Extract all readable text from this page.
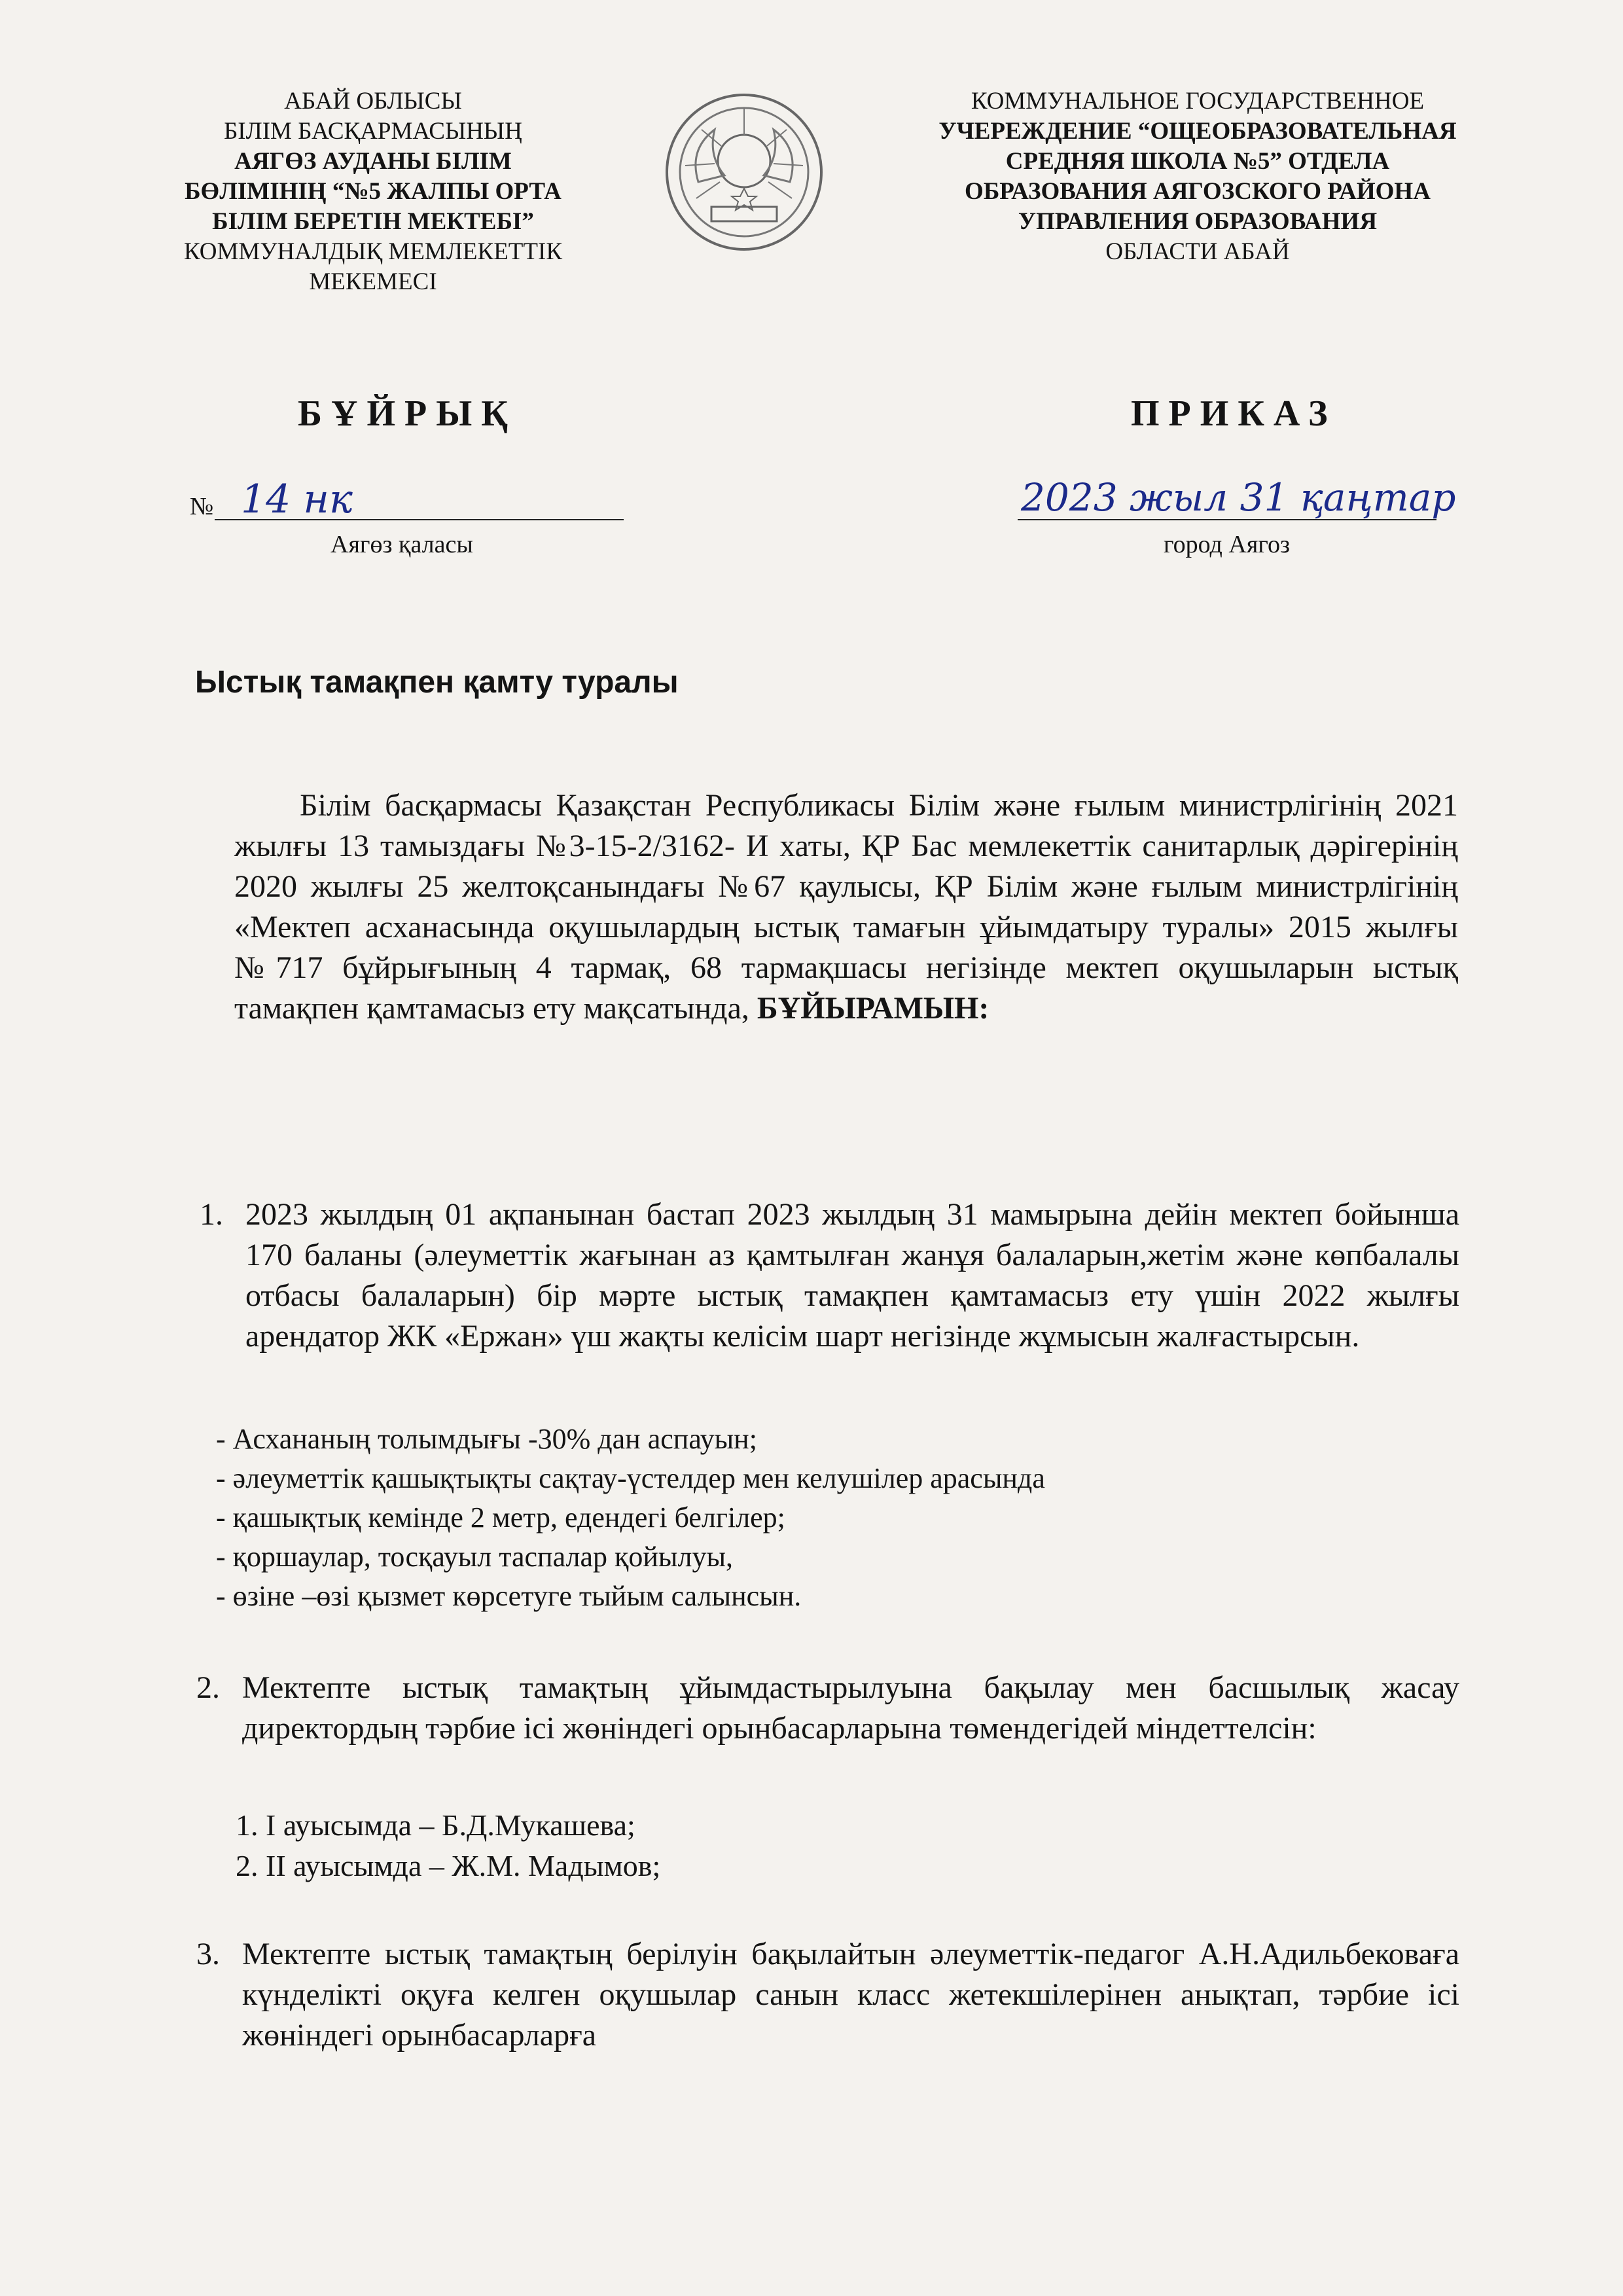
АБАЙ ОБЛЫСЫ
БІЛІМ БАСҚАРМАСЫНЫҢ
АЯГӨЗ АУДАНЫ БІЛІМ
БӨЛІМІНІҢ “№5 ЖАЛПЫ ОРТА
БІЛІМ БЕРЕТІН МЕКТЕБІ”
КОММУНАЛДЫҚ МЕМЛЕКЕТТІК
МЕКЕМЕСІ
КОММУНАЛЬНОЕ ГОСУДАРСТВЕННОЕ
УЧЕРЕЖДЕНИЕ “ОЩЕОБРАЗОВАТЕЛЬНАЯ
СРЕДНЯЯ ШКОЛА №5” ОТДЕЛА
ОБРАЗОВАНИЯ АЯГОЗСКОГО РАЙОНА
УПРАВЛЕНИЯ ОБРАЗОВАНИЯ
ОБЛАСТИ АБАЙ
БҰЙРЫҚ	ПРИКАЗ
№ 14 нк	2023 жыл 31 қаңтар
Аягөз қаласы	город Аягоз
Ыстық тамақпен қамту туралы
Білім басқармасы Қазақстан Республикасы Білім және ғылым министрлігінің 2021 жылғы 13 тамыздағы №3-15-2/3162- И хаты, ҚР Бас мемлекеттік санитарлық дәрігерінің 2020 жылғы 25 желтоқсанындағы №67 қаулысы, ҚР Білім және ғылым министрлігінің «Мектеп асханасында оқушылардың ыстық тамағын ұйымдатыру туралы» 2015 жылғы №717 бұйрығының 4 тармақ, 68 тармақшасы негізінде мектеп оқушыларын ыстық тамақпен қамтамасыз ету мақсатында, БҰЙЫРАМЫН:
1. 2023 жылдың 01 ақпанынан бастап 2023 жылдың 31 мамырына дейін мектеп бойынша 170 баланы (әлеуметтік жағынан аз қамтылған жанұя балаларын,жетім және көпбалалы отбасы балаларын) бір мәрте ыстық тамақпен қамтамасыз ету үшін 2022 жылғы арендатор ЖК «Ержан» үш жақты келісім шарт негізінде жұмысын жалғастырсын.
- Асхананың толымдығы -30% дан аспауын;
- әлеуметтік қашықтықты сақтау-үстелдер мен келушілер арасында
- қашықтық кемінде 2 метр, едендегі белгілер;
- қоршаулар, тосқауыл таспалар қойылуы,
- өзіне –өзі қызмет көрсетуге тыйым салынсын.
2. Мектепте ыстық тамақтың ұйымдастырылуына бақылау мен басшылық жасау директордың тәрбие ісі жөніндегі орынбасарларына төмендегідей міндеттелсін:
1. I ауысымда – Б.Д.Мукашева;
2. II ауысымда – Ж.М. Мадымов;
3. Мектепте ыстық тамақтың берілуін бақылайтын әлеуметтік-педагог А.Н.Адильбековаға күнделікті оқуға келген оқушылар санын класс жетекшілерінен анықтап, тәрбие ісі жөніндегі орынбасарларға
